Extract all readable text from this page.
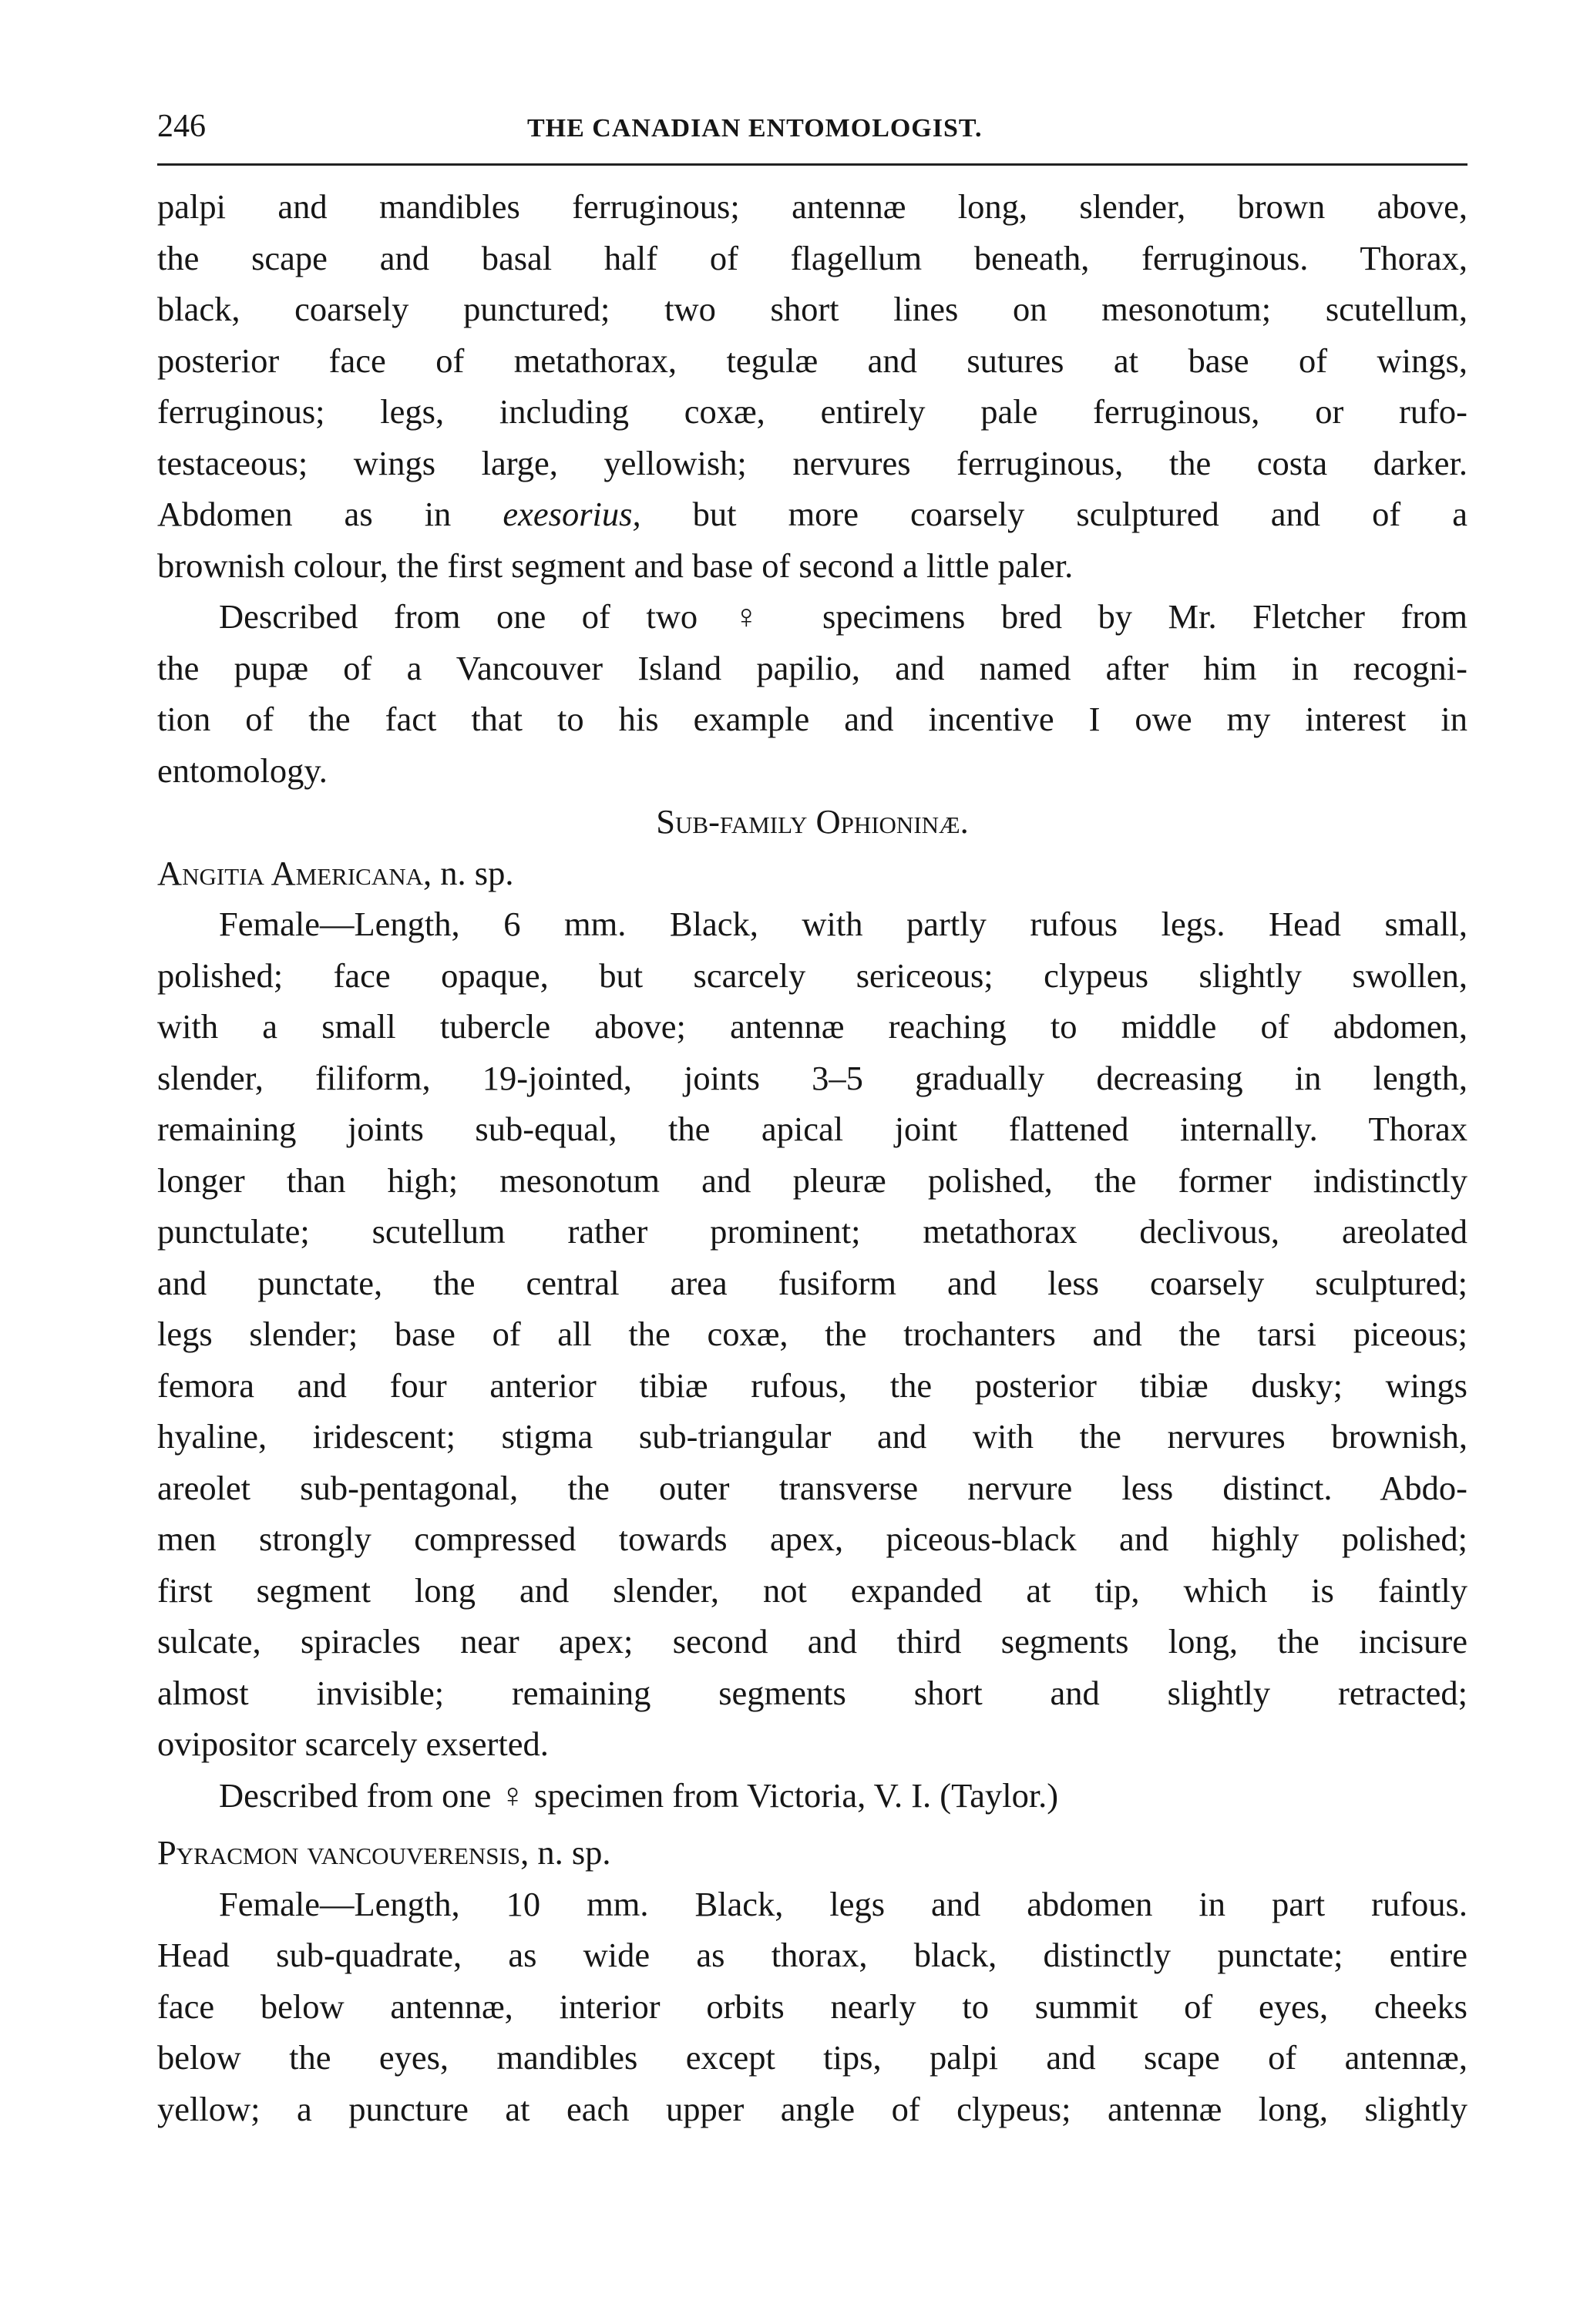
246	THE CANADIAN ENTOMOLOGIST.
palpi and mandibles ferruginous; antennæ long, slender, brown above,
the scape and basal half of flagellum beneath, ferruginous. Thorax,
black, coarsely punctured; two short lines on mesonotum; scutellum,
posterior face of metathorax, tegulæ and sutures at base of wings,
ferruginous; legs, including coxæ, entirely pale ferruginous, or rufo-
testaceous; wings large, yellowish; nervures ferruginous, the costa darker.
Abdomen as in exesorius, but more coarsely sculptured and of a
brownish colour, the first segment and base of second a little paler.
Described from one of two ♀ specimens bred by Mr. Fletcher from
the pupæ of a Vancouver Island papilio, and named after him in recogni-
tion of the fact that to his example and incentive I owe my interest in
entomology.
Sub-family Ophioninæ.
Angitia Americana, n. sp.
Female—Length, 6 mm. Black, with partly rufous legs. Head small,
polished; face opaque, but scarcely sericeous; clypeus slightly swollen,
with a small tubercle above; antennæ reaching to middle of abdomen,
slender, filiform, 19-jointed, joints 3–5 gradually decreasing in length,
remaining joints sub-equal, the apical joint flattened internally. Thorax
longer than high; mesonotum and pleuræ polished, the former indistinctly
punctulate; scutellum rather prominent; metathorax declivous, areolated
and punctate, the central area fusiform and less coarsely sculptured;
legs slender; base of all the coxæ, the trochanters and the tarsi piceous;
femora and four anterior tibiæ rufous, the posterior tibiæ dusky; wings
hyaline, iridescent; stigma sub-triangular and with the nervures brownish,
areolet sub-pentagonal, the outer transverse nervure less distinct. Abdo-
men strongly compressed towards apex, piceous-black and highly polished;
first segment long and slender, not expanded at tip, which is faintly
sulcate, spiracles near apex; second and third segments long, the incisure
almost invisible; remaining segments short and slightly retracted;
ovipositor scarcely exserted.
Described from one ♀ specimen from Victoria, V. I. (Taylor.)
Pyracmon vancouverensis, n. sp.
Female—Length, 10 mm. Black, legs and abdomen in part rufous.
Head sub-quadrate, as wide as thorax, black, distinctly punctate; entire
face below antennæ, interior orbits nearly to summit of eyes, cheeks
below the eyes, mandibles except tips, palpi and scape of antennæ,
yellow; a puncture at each upper angle of clypeus; antennæ long, slightly
